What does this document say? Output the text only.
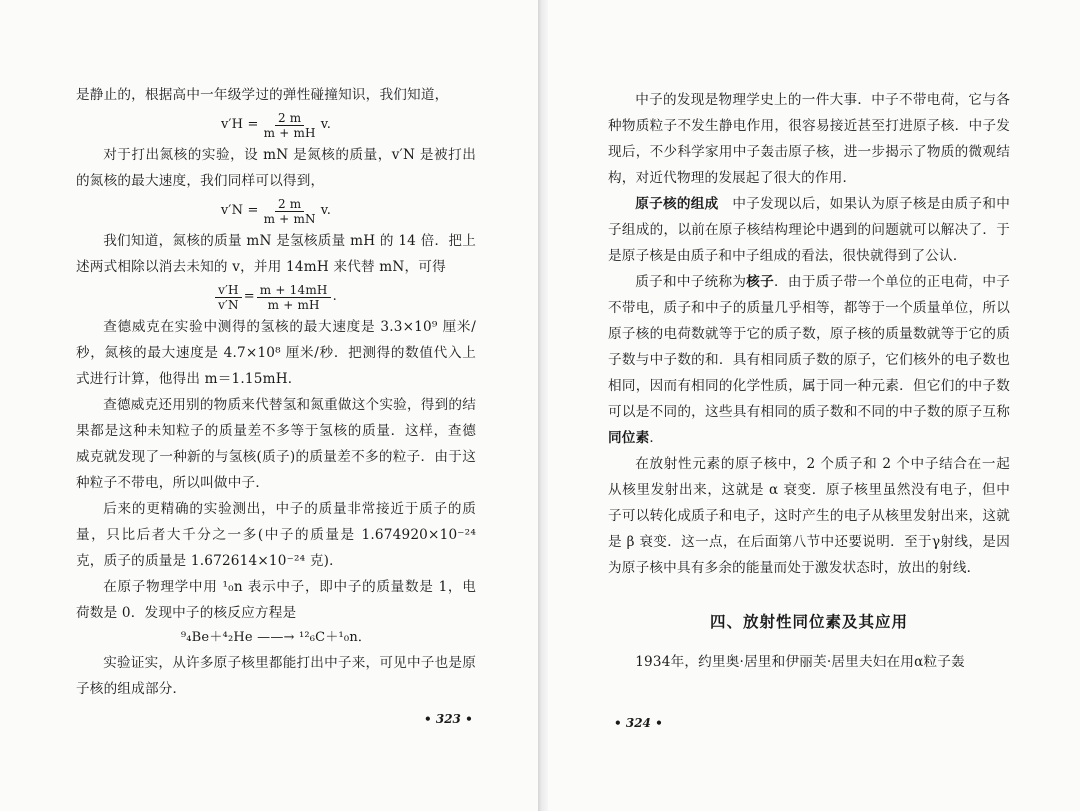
是静止的，根据高中一年级学过的弹性碰撞知识，我们知道，

$v'H = \frac{2 m}{m + mH} v$.

对于打出氮核的实验，设 mN 是氮核的质量，v′N 是被打出的氮核的最大速度，我们同样可以得到，

$v'N = \frac{2 m}{m + mN} v$.

我们知道，氮核的质量 mN 是氢核质量 mH 的 14 倍．把上述两式相除以消去未知的 v，并用 14mH 来代替 mN，可得

$\frac{v'H}{v'N} = \frac{m + 14mH}{m + mH}$ .

查德威克在实验中测得的氢核的最大速度是 3.3×10⁹ 厘米/秒，氮核的最大速度是 4.7×10⁸ 厘米/秒．把测得的数值代入上式进行计算，他得出 m＝1.15mH．

查德威克还用别的物质来代替氢和氮重做这个实验，得到的结果都是这种未知粒子的质量差不多等于氢核的质量．这样，查德威克就发现了一种新的与氢核(质子)的质量差不多的粒子．由于这种粒子不带电，所以叫做中子．

后来的更精确的实验测出，中子的质量非常接近于质子的质量，只比后者大千分之一多(中子的质量是 1.674920×10⁻²⁴克，质子的质量是 1.672614×10⁻²⁴ 克)．

在原子物理学中用 ¹₀n 表示中子，即中子的质量数是 1，电荷数是 0．发现中子的核反应方程是

⁹₄Be＋⁴₂He ——→ ¹²₆C＋¹₀n．

实验证实，从许多原子核里都能打出中子来，可见中子也是原子核的组成部分．

• 323 •

中子的发现是物理学史上的一件大事．中子不带电荷，它与各种物质粒子不发生静电作用，很容易接近甚至打进原子核．中子发现后，不少科学家用中子轰击原子核，进一步揭示了物质的微观结构，对近代物理的发展起了很大的作用．

原子核的组成　中子发现以后，如果认为原子核是由质子和中子组成的，以前在原子核结构理论中遇到的问题就可以解决了．于是原子核是由质子和中子组成的看法，很快就得到了公认．

质子和中子统称为核子．由于质子带一个单位的正电荷，中子不带电，质子和中子的质量几乎相等，都等于一个质量单位，所以原子核的电荷数就等于它的质子数，原子核的质量数就等于它的质子数与中子数的和．具有相同质子数的原子，它们核外的电子数也相同，因而有相同的化学性质，属于同一种元素．但它们的中子数可以是不同的，这些具有相同的质子数和不同的中子数的原子互称同位素．

在放射性元素的原子核中，2 个质子和 2 个中子结合在一起从核里发射出来，这就是 α 衰变．原子核里虽然没有电子，但中子可以转化成质子和电子，这时产生的电子从核里发射出来，这就是 β 衰变．这一点，在后面第八节中还要说明．至于γ射线，是因为原子核中具有多余的能量而处于激发状态时，放出的射线．

四、放射性同位素及其应用

1934年，约里奥·居里和伊丽芙·居里夫妇在用α粒子轰

• 324 •
